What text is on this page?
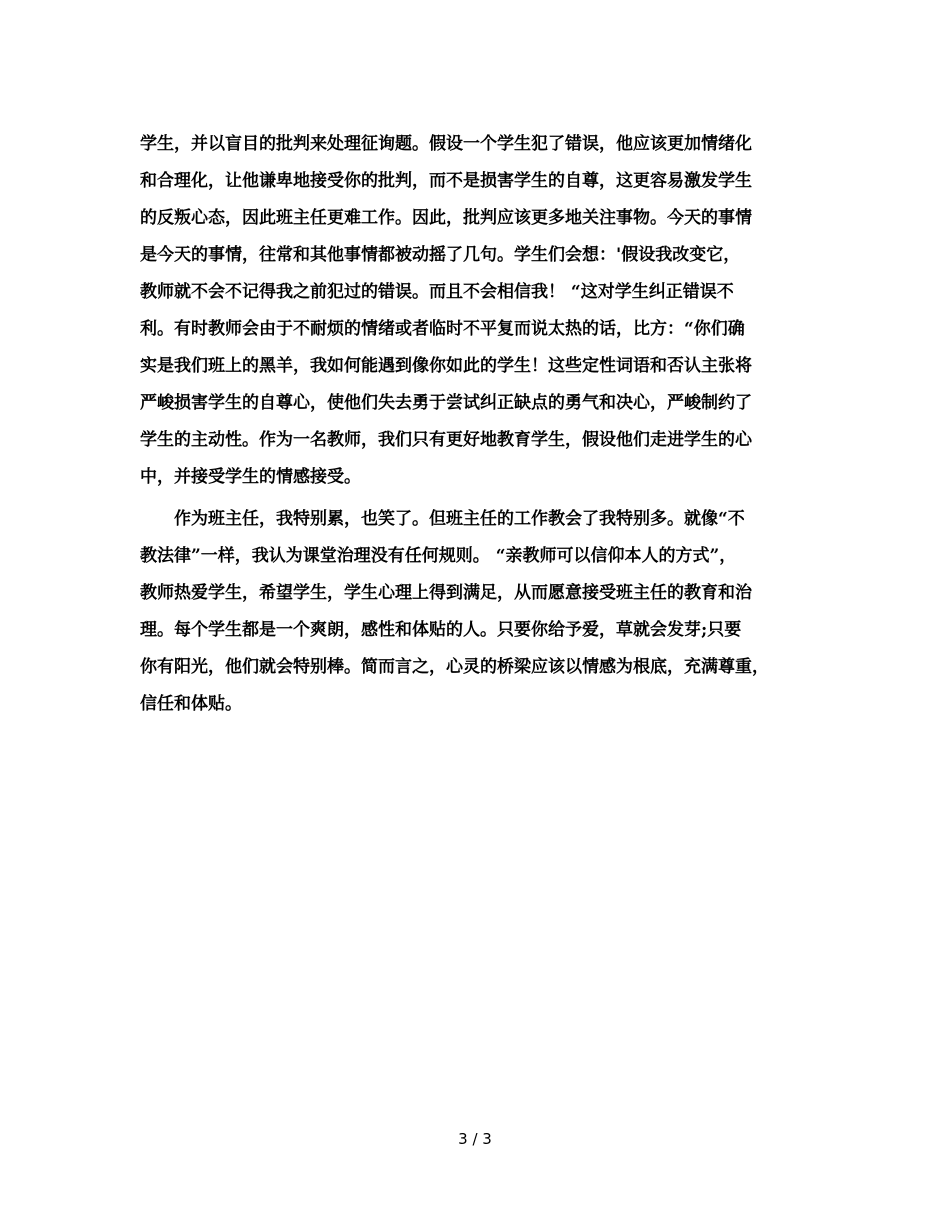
学生，并以盲目的批判来处理征询题。假设一个学生犯了错误，他应该更加情绪化
和合理化，让他谦卑地接受你的批判，而不是损害学生的自尊，这更容易激发学生
的反叛心态，因此班主任更难工作。因此，批判应该更多地关注事物。今天的事情
是今天的事情，往常和其他事情都被动摇了几句。学生们会想：'假设我改变它，
教师就不会不记得我之前犯过的错误。而且不会相信我！ “这对学生纠正错误不
利。有时教师会由于不耐烦的情绪或者临时不平复而说太热的话，比方：“你们确
实是我们班上的黑羊，我如何能遇到像你如此的学生！这些定性词语和否认主张将
严峻损害学生的自尊心，使他们失去勇于尝试纠正缺点的勇气和决心，严峻制约了
学生的主动性。作为一名教师，我们只有更好地教育学生，假设他们走进学生的心
中，并接受学生的情感接受。
　　作为班主任，我特别累，也笑了。但班主任的工作教会了我特别多。就像“不
教法律”一样，我认为课堂治理没有任何规则。 “亲教师可以信仰本人的方式”，
教师热爱学生，希望学生，学生心理上得到满足，从而愿意接受班主任的教育和治
理。每个学生都是一个爽朗，感性和体贴的人。只要你给予爱，草就会发芽;只要
你有阳光，他们就会特别棒。简而言之，心灵的桥梁应该以情感为根底，充满尊重，
信任和体贴。
3 / 3
